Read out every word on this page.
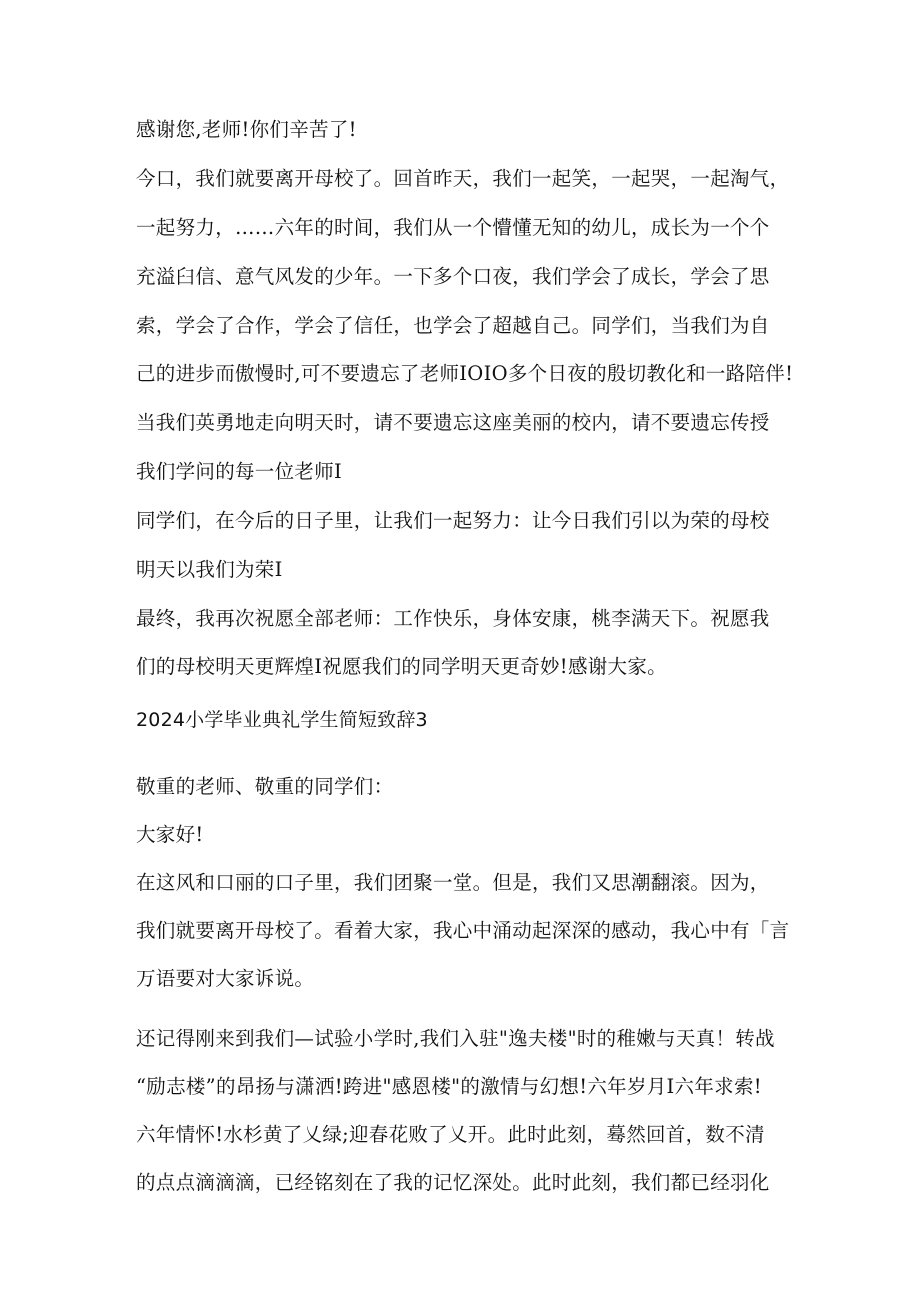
感谢您,老师!你们辛苦了!

今口，我们就要离开母校了。回首昨天，我们一起笑，一起哭，一起淘气，

一起努力，……六年的时间，我们从一个懵懂无知的幼儿，成长为一个个

充溢臼信、意气风发的少年。一下多个口夜，我们学会了成长，学会了思

索，学会了合作，学会了信任，也学会了超越自己。同学们，当我们为自

己的进步而傲慢时,可不要遗忘了老师IOIO多个日夜的殷切教化和一路陪伴!

当我们英勇地走向明天时，请不要遗忘这座美丽的校内，请不要遗忘传授

我们学问的每一位老师I

同学们，在今后的日子里，让我们一起努力：让今日我们引以为荣的母校

明天以我们为荣I

最终，我再次祝愿全部老师：工作快乐，身体安康，桃李满天下。祝愿我

们的母校明天更辉煌I祝愿我们的同学明天更奇妙!感谢大家。

2024小学毕业典礼学生简短致辞3

敬重的老师、敬重的同学们：

大家好!

在这风和口丽的口子里，我们团聚一堂。但是，我们又思潮翻滚。因为，

我们就要离开母校了。看着大家，我心中涌动起深深的感动，我心中有「言

万语要对大家诉说。

还记得刚来到我们—试验小学时,我们入驻"逸夫楼"时的稚嫩与天真！转战

“励志楼”的昂扬与潇洒!跨进"感恩楼"的激情与幻想!六年岁月I六年求索!

六年情怀!水杉黄了乂绿;迎春花败了乂开。此时此刻，蓦然回首，数不清

的点点滴滴滴，已经铭刻在了我的记忆深处。此时此刻，我们都已经羽化
